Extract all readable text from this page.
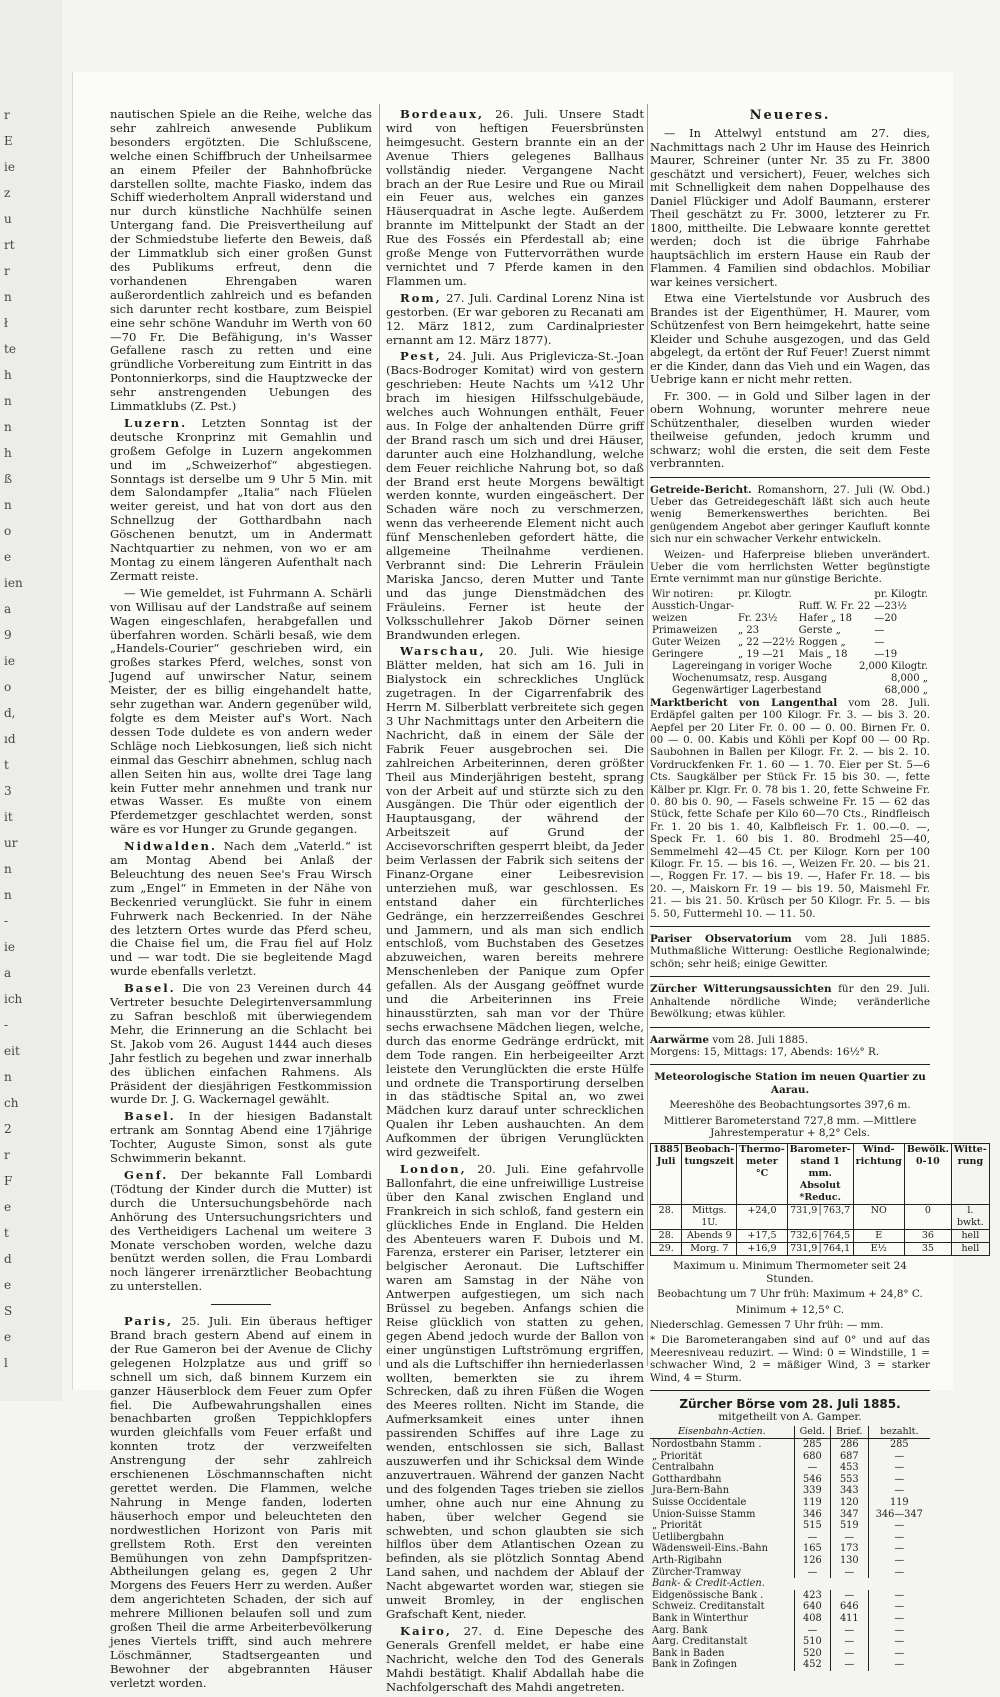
r
E
ie
z
u
rt
r
n
ł
te
h
n
n
h
ß
n
o
e
ien
a
9
ie
o
d,
ıd
t
3
it
ur
n
n
-
ie
a
ich
-
eit
n
ch
2
r
F
e
t
d
e
S
e
l

nautischen Spiele an die Reihe, welche das sehr zahlreich anwesende Publikum besonders ergötzten. Die Schlußscene, welche einen Schiffbruch der Unheilsarmee an einem Pfeiler der Bahnhofbrücke darstellen sollte, machte Fiasko, indem das Schiff wiederholtem Anprall widerstand und nur durch künstliche Nachhülfe seinen Untergang fand. Die Preisvertheilung auf der Schmiedstube lieferte den Beweis, daß der Limmatklub sich einer großen Gunst des Publikums erfreut, denn die vorhandenen Ehrengaben waren außerordentlich zahlreich und es befanden sich darunter recht kostbare, zum Beispiel eine sehr schöne Wanduhr im Werth von 60—70 Fr. Die Befähigung, in's Wasser Gefallene rasch zu retten und eine gründliche Vorbereitung zum Eintritt in das Pontonnierkorps, sind die Hauptzwecke der sehr anstrengenden Uebungen des Limmatklubs (Z. Pst.)

Luzern. Letzten Sonntag ist der deutsche Kronprinz mit Gemahlin und großem Gefolge in Luzern angekommen und im „Schweizerhof“ abgestiegen. Sonntags ist derselbe um 9 Uhr 5 Min. mit dem Salondampfer „Italia“ nach Flüelen weiter gereist, und hat von dort aus den Schnellzug der Gotthardbahn nach Göschenen benutzt, um in Andermatt Nachtquartier zu nehmen, von wo er am Montag zu einem längeren Aufenthalt nach Zermatt reiste.

— Wie gemeldet, ist Fuhrmann A. Schärli von Willisau auf der Landstraße auf seinem Wagen eingeschlafen, herabgefallen und überfahren worden. Schärli besaß, wie dem „Handels-Courier“ geschrieben wird, ein großes starkes Pferd, welches, sonst von Jugend auf unwirscher Natur, seinem Meister, der es billig eingehandelt hatte, sehr zugethan war. Andern gegenüber wild, folgte es dem Meister auf's Wort. Nach dessen Tode duldete es von andern weder Schläge noch Liebkosungen, ließ sich nicht einmal das Geschirr abnehmen, schlug nach allen Seiten hin aus, wollte drei Tage lang kein Futter mehr annehmen und trank nur etwas Wasser. Es mußte von einem Pferdemetzger geschlachtet werden, sonst wäre es vor Hunger zu Grunde gegangen.

Nidwalden. Nach dem „Vaterld.“ ist am Montag Abend bei Anlaß der Beleuchtung des neuen See's Frau Wirsch zum „Engel“ in Emmeten in der Nähe von Beckenried verunglückt. Sie fuhr in einem Fuhrwerk nach Beckenried. In der Nähe des letztern Ortes wurde das Pferd scheu, die Chaise fiel um, die Frau fiel auf Holz und — war todt. Die sie begleitende Magd wurde ebenfalls verletzt.

Basel. Die von 23 Vereinen durch 44 Vertreter besuchte Delegirtenversammlung zu Safran beschloß mit überwiegendem Mehr, die Erinnerung an die Schlacht bei St. Jakob vom 26. August 1444 auch dieses Jahr festlich zu begehen und zwar innerhalb des üblichen einfachen Rahmens. Als Präsident der diesjährigen Festkommission wurde Dr. J. G. Wackernagel gewählt.

Basel. In der hiesigen Badanstalt ertrank am Sonntag Abend eine 17jährige Tochter, Auguste Simon, sonst als gute Schwimmerin bekannt.

Genf. Der bekannte Fall Lombardi (Tödtung der Kinder durch die Mutter) ist durch die Untersuchungsbehörde nach Anhörung des Untersuchungsrichters und des Vertheidigers Lachenal um weitere 3 Monate verschoben worden, welche dazu benützt werden sollen, die Frau Lombardi noch längerer irrenärztlicher Beobachtung zu unterstellen.

Paris, 25. Juli. Ein überaus heftiger Brand brach gestern Abend auf einem in der Rue Gameron bei der Avenue de Clichy gelegenen Holzplatze aus und griff so schnell um sich, daß binnem Kurzem ein ganzer Häuserblock dem Feuer zum Opfer fiel. Die Aufbewahrungshallen eines benachbarten großen Teppichklopfers wurden gleichfalls vom Feuer erfaßt und konnten trotz der verzweifelten Anstrengung der sehr zahlreich erschienenen Löschmannschaften nicht gerettet werden. Die Flammen, welche Nahrung in Menge fanden, loderten häuserhoch empor und beleuchteten den nordwestlichen Horizont von Paris mit grellstem Roth. Erst den vereinten Bemühungen von zehn Dampfspritzen-Abtheilungen gelang es, gegen 2 Uhr Morgens des Feuers Herr zu werden. Außer dem angerichteten Schaden, der sich auf mehrere Millionen belaufen soll und zum großen Theil die arme Arbeiterbevölkerung jenes Viertels trifft, sind auch mehrere Löschmänner, Stadtsergeanten und Bewohner der abgebrannten Häuser verletzt worden.

Bordeaux, 26. Juli. Unsere Stadt wird von heftigen Feuersbrünsten heimgesucht. Gestern brannte ein an der Avenue Thiers gelegenes Ballhaus vollständig nieder. Vergangene Nacht brach an der Rue Lesire und Rue ou Mirail ein Feuer aus, welches ein ganzes Häuserquadrat in Asche legte. Außerdem brannte im Mittelpunkt der Stadt an der Rue des Fossés ein Pferdestall ab; eine große Menge von Futtervorräthen wurde vernichtet und 7 Pferde kamen in den Flammen um.

Rom, 27. Juli. Cardinal Lorenz Nina ist gestorben. (Er war geboren zu Recanati am 12. März 1812, zum Cardinalpriester ernannt am 12. März 1877).

Pest, 24. Juli. Aus Priglevicza-St.-Joan (Bacs-Bodroger Komitat) wird von gestern geschrieben: Heute Nachts um ¼12 Uhr brach im hiesigen Hilfsschulgebäude, welches auch Wohnungen enthält, Feuer aus. In Folge der anhaltenden Dürre griff der Brand rasch um sich und drei Häuser, darunter auch eine Holzhandlung, welche dem Feuer reichliche Nahrung bot, so daß der Brand erst heute Morgens bewältigt werden konnte, wurden eingeäschert. Der Schaden wäre noch zu verschmerzen, wenn das verheerende Element nicht auch fünf Menschenleben gefordert hätte, die allgemeine Theilnahme verdienen. Verbrannt sind: Die Lehrerin Fräulein Mariska Jancso, deren Mutter und Tante und das junge Dienstmädchen des Fräuleins. Ferner ist heute der Volksschullehrer Jakob Dörner seinen Brandwunden erlegen.

Warschau, 20. Juli. Wie hiesige Blätter melden, hat sich am 16. Juli in Bialystock ein schreckliches Unglück zugetragen. In der Cigarrenfabrik des Herrn M. Silberblatt verbreitete sich gegen 3 Uhr Nachmittags unter den Arbeitern die Nachricht, daß in einem der Säle der Fabrik Feuer ausgebrochen sei. Die zahlreichen Arbeiterinnen, deren größter Theil aus Minderjährigen besteht, sprang von der Arbeit auf und stürzte sich zu den Ausgängen. Die Thür oder eigentlich der Hauptausgang, der während der Arbeitszeit auf Grund der Accisevorschriften gesperrt bleibt, da Jeder beim Verlassen der Fabrik sich seitens der Finanz-Organe einer Leibesrevision unterziehen muß, war geschlossen. Es entstand daher ein fürchterliches Gedränge, ein herzzerreißendes Geschrei und Jammern, und als man sich endlich entschloß, vom Buchstaben des Gesetzes abzuweichen, waren bereits mehrere Menschenleben der Panique zum Opfer gefallen. Als der Ausgang geöffnet wurde und die Arbeiterinnen ins Freie hinausstürzten, sah man vor der Thüre sechs erwachsene Mädchen liegen, welche, durch das enorme Gedränge erdrückt, mit dem Tode rangen. Ein herbeigeeilter Arzt leistete den Verunglückten die erste Hülfe und ordnete die Transportirung derselben in das städtische Spital an, wo zwei Mädchen kurz darauf unter schrecklichen Qualen ihr Leben aushauchten. An dem Aufkommen der übrigen Verunglückten wird gezweifelt.

London, 20. Juli. Eine gefahrvolle Ballonfahrt, die eine unfreiwillige Lustreise über den Kanal zwischen England und Frankreich in sich schloß, fand gestern ein glückliches Ende in England. Die Helden des Abenteuers waren F. Dubois und M. Farenza, ersterer ein Pariser, letzterer ein belgischer Aeronaut. Die Luftschiffer waren am Samstag in der Nähe von Antwerpen aufgestiegen, um sich nach Brüssel zu begeben. Anfangs schien die Reise glücklich von statten zu gehen, gegen Abend jedoch wurde der Ballon von einer ungünstigen Luftströmung ergriffen, und als die Luftschiffer ihn herniederlassen wollten, bemerkten sie zu ihrem Schrecken, daß zu ihren Füßen die Wogen des Meeres rollten. Nicht im Stande, die Aufmerksamkeit eines unter ihnen passirenden Schiffes auf ihre Lage zu wenden, entschlossen sie sich, Ballast auszuwerfen und ihr Schicksal dem Winde anzuvertrauen. Während der ganzen Nacht und des folgenden Tages trieben sie ziellos umher, ohne auch nur eine Ahnung zu haben, über welcher Gegend sie schwebten, und schon glaubten sie sich hilflos über dem Atlantischen Ozean zu befinden, als sie plötzlich Sonntag Abend Land sahen, und nachdem der Ablauf der Nacht abgewartet worden war, stiegen sie unweit Bromley, in der englischen Grafschaft Kent, nieder.

Kairo, 27. d. Eine Depesche des Generals Grenfell meldet, er habe eine Nachricht, welche den Tod des Generals Mahdi bestätigt. Khalif Abdallah habe die Nachfolgerschaft des Mahdi angetreten.

Neueres.

— In Attelwyl entstund am 27. dies, Nachmittags nach 2 Uhr im Hause des Heinrich Maurer, Schreiner (unter Nr. 35 zu Fr. 3800 geschätzt und versichert), Feuer, welches sich mit Schnelligkeit dem nahen Doppelhause des Daniel Flückiger und Adolf Baumann, ersterer Theil geschätzt zu Fr. 3000, letzterer zu Fr. 1800, mittheilte. Die Lebwaare konnte gerettet werden; doch ist die übrige Fahrhabe hauptsächlich im erstern Hause ein Raub der Flammen. 4 Familien sind obdachlos. Mobiliar war keines versichert.

Etwa eine Viertelstunde vor Ausbruch des Brandes ist der Eigenthümer, H. Maurer, vom Schützenfest von Bern heimgekehrt, hatte seine Kleider und Schuhe ausgezogen, und das Geld abgelegt, da ertönt der Ruf Feuer! Zuerst nimmt er die Kinder, dann das Vieh und ein Wagen, das Uebrige kann er nicht mehr retten.

Fr. 300. — in Gold und Silber lagen in der obern Wohnung, worunter mehrere neue Schützenthaler, dieselben wurden wieder theilweise gefunden, jedoch krumm und schwarz; wohl die ersten, die seit dem Feste verbrannten.

Getreide-Bericht. Romanshorn, 27. Juli (W. Obd.) Ueber das Getreidegeschäft läßt sich auch heute wenig Bemerkenswerthes berichten. Bei genügendem Angebot aber geringer Kaufluft konnte sich nur ein schwacher Verkehr entwickeln.

Weizen- und Haferpreise blieben unverändert. Ueber die vom herrlichsten Wetter begünstigte Ernte vernimmt man nur günstige Berichte.

Wir notiren:	pr. Kilogtr.		pr. Kilogtr.
Ausstich-Ungar-		Ruff. W. Fr. 22	—23½
weizen	Fr. 23½	Hafer „ 18	—20
Primaweizen	„ 23	Gerste „	—
Guter Weizen	„ 22 —22½	Roggen „	—
Geringere	„ 19 —21	Mais „ 18	—19
Lagereingang in voriger Woche	2,000 Kilogtr.
Wochenumsatz, resp. Ausgang	8,000 „
Gegenwärtiger Lagerbestand	68,000 „

Marktbericht von Langenthal vom 28. Juli. Erdäpfel galten per 100 Kilogr. Fr. 3. — bis 3. 20. Aepfel per 20 Liter Fr. 0. 00 — 0. 00. Birnen Fr. 0. 00 — 0. 00. Kabis und Köhli per Kopf 00 — 00 Rp. Saubohnen in Ballen per Kilogr. Fr. 2. — bis 2. 10. Vordruckfenken Fr. 1. 60 — 1. 70. Eier per St. 5—6 Cts. Saugkälber per Stück Fr. 15 bis 30. —, fette Kälber pr. Klgr. Fr. 0. 78 bis 1. 20, fette Schweine Fr. 0. 80 bis 0. 90, — Fasels schweine Fr. 15 — 62 das Stück, fette Schafe per Kilo 60—70 Cts., Rindfleisch Fr. 1. 20 bis 1. 40, Kalbfleisch Fr. 1. 00.—0. —, Speck Fr. 1. 60 bis 1. 80. Brodmehl 25—40, Semmelmehl 42—45 Ct. per Kilogr. Korn per 100 Kilogr. Fr. 15. — bis 16. —, Weizen Fr. 20. — bis 21. —, Roggen Fr. 17. — bis 19. —, Hafer Fr. 18. — bis 20. —, Maiskorn Fr. 19 — bis 19. 50, Maismehl Fr. 21. — bis 21. 50. Krüsch per 50 Kilogr. Fr. 5. — bis 5. 50, Futtermehl 10. — 11. 50.

Pariser Observatorium vom 28. Juli 1885. Muthmaßliche Witterung: Oestliche Regionalwinde; schön; sehr heiß; einige Gewitter.

Zürcher Witterungsaussichten für den 29. Juli. Anhaltende nördliche Winde; veränderliche Bewölkung; etwas kühler.

Aarwärme vom 28. Juli 1885.
Morgens: 15, Mittags: 17, Abends: 16½° R.

Meteorologische Station im neuen Quartier zu Aarau.

Meereshöhe des Beobachtungsortes 397,6 m.

Mittlerer Barometerstand 727,8 mm. —Mittlere Jahrestemperatur + 8,2° Cels.

1885 Juli	Beobach-tungszeit	Thermo-meter °C	Barometer-stand 1 mm. Absolut *Reduc.	Wind-richtung	Bewölk. 0-10	Witte-rung
28.	Mittgs. 1U.	+24,0	731,9│763,7	NO	0	l. bwkt.
28.	Abends 9	+17,5	732,6│764,5	E	36	hell
29.	Morg. 7	+16,9	731,9│764,1	E½	35	hell

Maximum u. Minimum Thermometer seit 24 Stunden.

Beobachtung um 7 Uhr früh: Maximum + 24,8° C.

Minimum + 12,5° C.

Niederschlag. Gemessen 7 Uhr früh: — mm.

* Die Barometerangaben sind auf 0° und auf das Meeresniveau reduzirt. — Wind: 0 = Windstille, 1 = schwacher Wind, 2 = mäßiger Wind, 3 = starker Wind, 4 = Sturm.

Zürcher Börse vom 28. Juli 1885.
mitgetheilt von A. Gamper.
Eisenbahn-Actien.	Geld.	Brief.	bezahlt.
Nordostbahn Stamm .	285	286	285
„ Priorität	680	687	—
Centralbahn	—	453	—
Gotthardbahn	546	553	—
Jura-Bern-Bahn	339	343	—
Suisse Occidentale	119	120	119
Union-Suisse Stamm	346	347	346—347
„ Priorität	515	519	—
Uetlibergbahn	—	—	—
Wädensweil-Eins.-Bahn	165	173	—
Arth-Rigibahn	126	130	—
Zürcher-Tramway	—	—	—
Bank- & Credit-Actien.			
Eidgenössische Bank .	423	—	—
Schweiz. Creditanstalt	640	646	—
Bank in Winterthur	408	411	—
Aarg. Bank	—	—	—
Aarg. Creditanstalt	510	—	—
Bank in Baden	520	—	—
Bank in Zofingen	452	—	—
